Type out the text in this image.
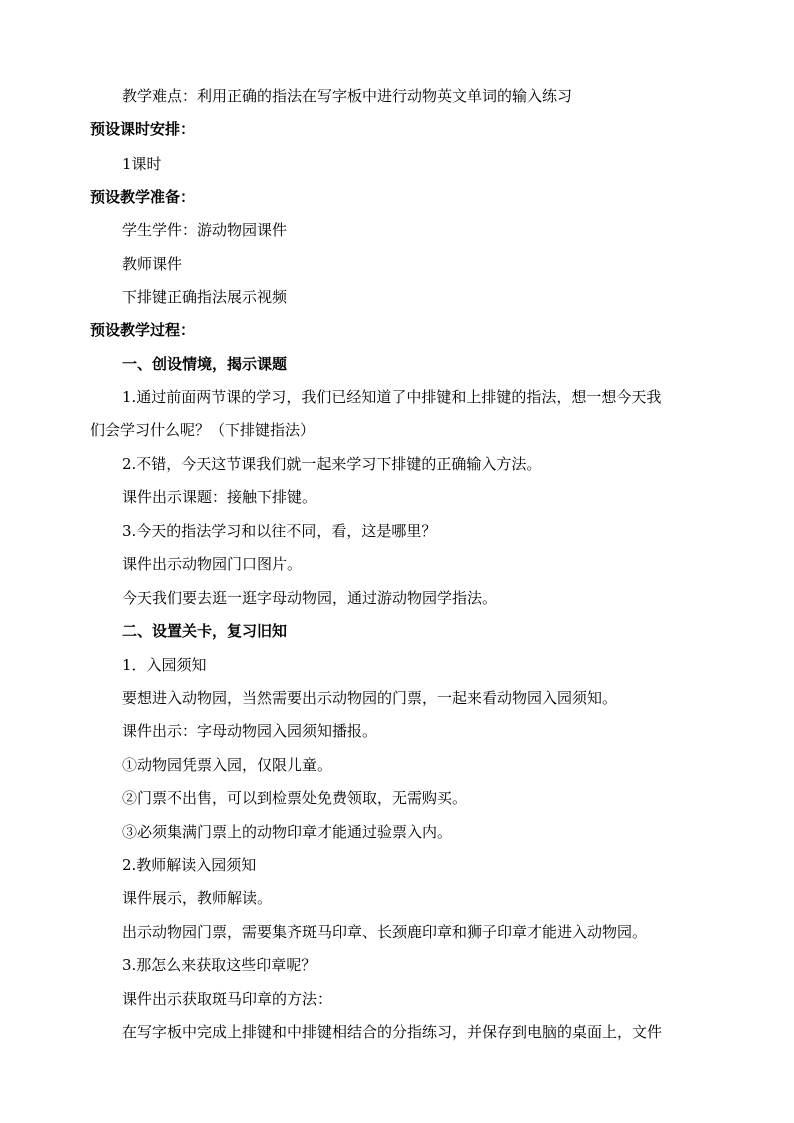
教学难点：利用正确的指法在写字板中进行动物英文单词的输入练习
预设课时安排：
1课时
预设教学准备：
学生学件：游动物园课件
教师课件
下排键正确指法展示视频
预设教学过程：
一、创设情境，揭示课题
1.通过前面两节课的学习，我们已经知道了中排键和上排键的指法，想一想今天我
们会学习什么呢？（下排键指法）
2.不错，今天这节课我们就一起来学习下排键的正确输入方法。
课件出示课题：接触下排键。
3.今天的指法学习和以往不同，看，这是哪里？
课件出示动物园门口图片。
今天我们要去逛一逛字母动物园，通过游动物园学指法。
二、设置关卡，复习旧知
1．入园须知
要想进入动物园，当然需要出示动物园的门票，一起来看动物园入园须知。
课件出示：字母动物园入园须知播报。
①动物园凭票入园，仅限儿童。
②门票不出售，可以到检票处免费领取，无需购买。
③必须集满门票上的动物印章才能通过验票入内。
2.教师解读入园须知
课件展示，教师解读。
出示动物园门票，需要集齐斑马印章、长颈鹿印章和狮子印章才能进入动物园。
3.那怎么来获取这些印章呢？
课件出示获取斑马印章的方法：
在写字板中完成上排键和中排键相结合的分指练习，并保存到电脑的桌面上，文件
